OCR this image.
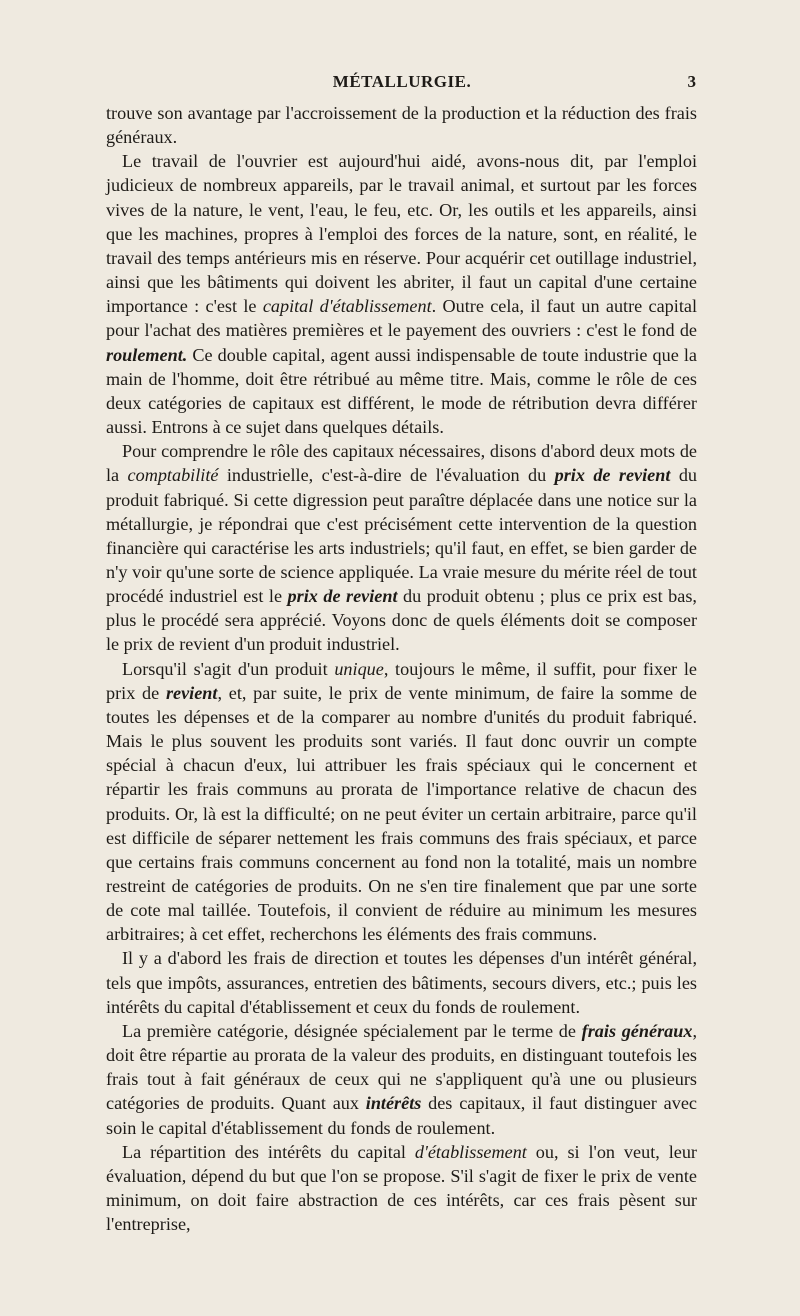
MÉTALLURGIE.	3

trouve son avantage par l'accroissement de la production et la réduction des frais généraux.

Le travail de l'ouvrier est aujourd'hui aidé, avons-nous dit, par l'emploi judicieux de nombreux appareils, par le travail animal, et surtout par les forces vives de la nature, le vent, l'eau, le feu, etc. Or, les outils et les appareils, ainsi que les machines, propres à l'emploi des forces de la nature, sont, en réalité, le travail des temps antérieurs mis en réserve. Pour acquérir cet outillage industriel, ainsi que les bâtiments qui doivent les abriter, il faut un capital d'une certaine importance : c'est le capital d'établissement. Outre cela, il faut un autre capital pour l'achat des matières premières et le payement des ouvriers : c'est le fond de roulement. Ce double capital, agent aussi indispensable de toute industrie que la main de l'homme, doit être rétribué au même titre. Mais, comme le rôle de ces deux catégories de capitaux est différent, le mode de rétribution devra différer aussi. Entrons à ce sujet dans quelques détails.

Pour comprendre le rôle des capitaux nécessaires, disons d'abord deux mots de la comptabilité industrielle, c'est-à-dire de l'évaluation du prix de revient du produit fabriqué. Si cette digression peut paraître déplacée dans une notice sur la métallurgie, je répondrai que c'est précisément cette intervention de la question financière qui caractérise les arts industriels; qu'il faut, en effet, se bien garder de n'y voir qu'une sorte de science appliquée. La vraie mesure du mérite réel de tout procédé industriel est le prix de revient du produit obtenu ; plus ce prix est bas, plus le procédé sera apprécié. Voyons donc de quels éléments doit se composer le prix de revient d'un produit industriel.

Lorsqu'il s'agit d'un produit unique, toujours le même, il suffit, pour fixer le prix de revient, et, par suite, le prix de vente minimum, de faire la somme de toutes les dépenses et de la comparer au nombre d'unités du produit fabriqué. Mais le plus souvent les produits sont variés. Il faut donc ouvrir un compte spécial à chacun d'eux, lui attribuer les frais spéciaux qui le concernent et répartir les frais communs au prorata de l'importance relative de chacun des produits. Or, là est la difficulté; on ne peut éviter un certain arbitraire, parce qu'il est difficile de séparer nettement les frais communs des frais spéciaux, et parce que certains frais communs concernent au fond non la totalité, mais un nombre restreint de catégories de produits. On ne s'en tire finalement que par une sorte de cote mal taillée. Toutefois, il convient de réduire au minimum les mesures arbitraires; à cet effet, recherchons les éléments des frais communs.

Il y a d'abord les frais de direction et toutes les dépenses d'un intérêt général, tels que impôts, assurances, entretien des bâtiments, secours divers, etc.; puis les intérêts du capital d'établissement et ceux du fonds de roulement.

La première catégorie, désignée spécialement par le terme de frais généraux, doit être répartie au prorata de la valeur des produits, en distinguant toutefois les frais tout à fait généraux de ceux qui ne s'appliquent qu'à une ou plusieurs catégories de produits. Quant aux intérêts des capitaux, il faut distinguer avec soin le capital d'établissement du fonds de roulement.

La répartition des intérêts du capital d'établissement ou, si l'on veut, leur évaluation, dépend du but que l'on se propose. S'il s'agit de fixer le prix de vente minimum, on doit faire abstraction de ces intérêts, car ces frais pèsent sur l'entreprise,
